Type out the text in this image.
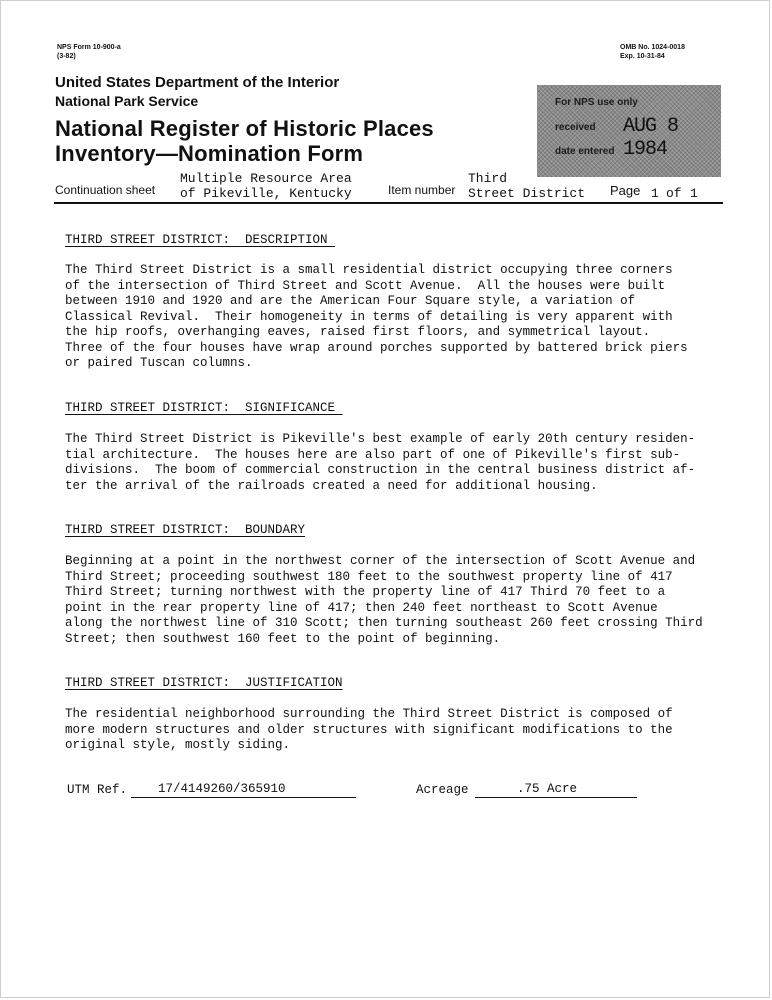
NPS Form 10-900-a
(3-82)
OMB No. 1024-0018
Exp. 10-31-84
United States Department of the Interior
National Park Service
National Register of Historic Places
Inventory—Nomination Form
For NPS use only
received AUG 8 1984
date entered
Continuation sheet
Multiple Resource Area
of Pikeville, Kentucky	Item number
Third
Street District Page 1 of 1
THIRD STREET DISTRICT:  DESCRIPTION
The Third Street District is a small residential district occupying three corners
of the intersection of Third Street and Scott Avenue.  All the houses were built
between 1910 and 1920 and are the American Four Square style, a variation of
Classical Revival.  Their homogeneity in terms of detailing is very apparent with
the hip roofs, overhanging eaves, raised first floors, and symmetrical layout.
Three of the four houses have wrap around porches supported by battered brick piers
or paired Tuscan columns.
THIRD STREET DISTRICT:  SIGNIFICANCE
The Third Street District is Pikeville's best example of early 20th century residen-
tial architecture.  The houses here are also part of one of Pikeville's first sub-
divisions.  The boom of commercial construction in the central business district af-
ter the arrival of the railroads created a need for additional housing.
THIRD STREET DISTRICT:  BOUNDARY
Beginning at a point in the northwest corner of the intersection of Scott Avenue and
Third Street; proceeding southwest 180 feet to the southwest property line of 417
Third Street; turning northwest with the property line of 417 Third 70 feet to a
point in the rear property line of 417; then 240 feet northeast to Scott Avenue
along the northwest line of 310 Scott; then turning southeast 260 feet crossing Third
Street; then southwest 160 feet to the point of beginning.
THIRD STREET DISTRICT:  JUSTIFICATION
The residential neighborhood surrounding the Third Street District is composed of
more modern structures and older structures with significant modifications to the
original style, mostly siding.
UTM Ref.	17/4149260/365910	Acreage	.75 Acre
